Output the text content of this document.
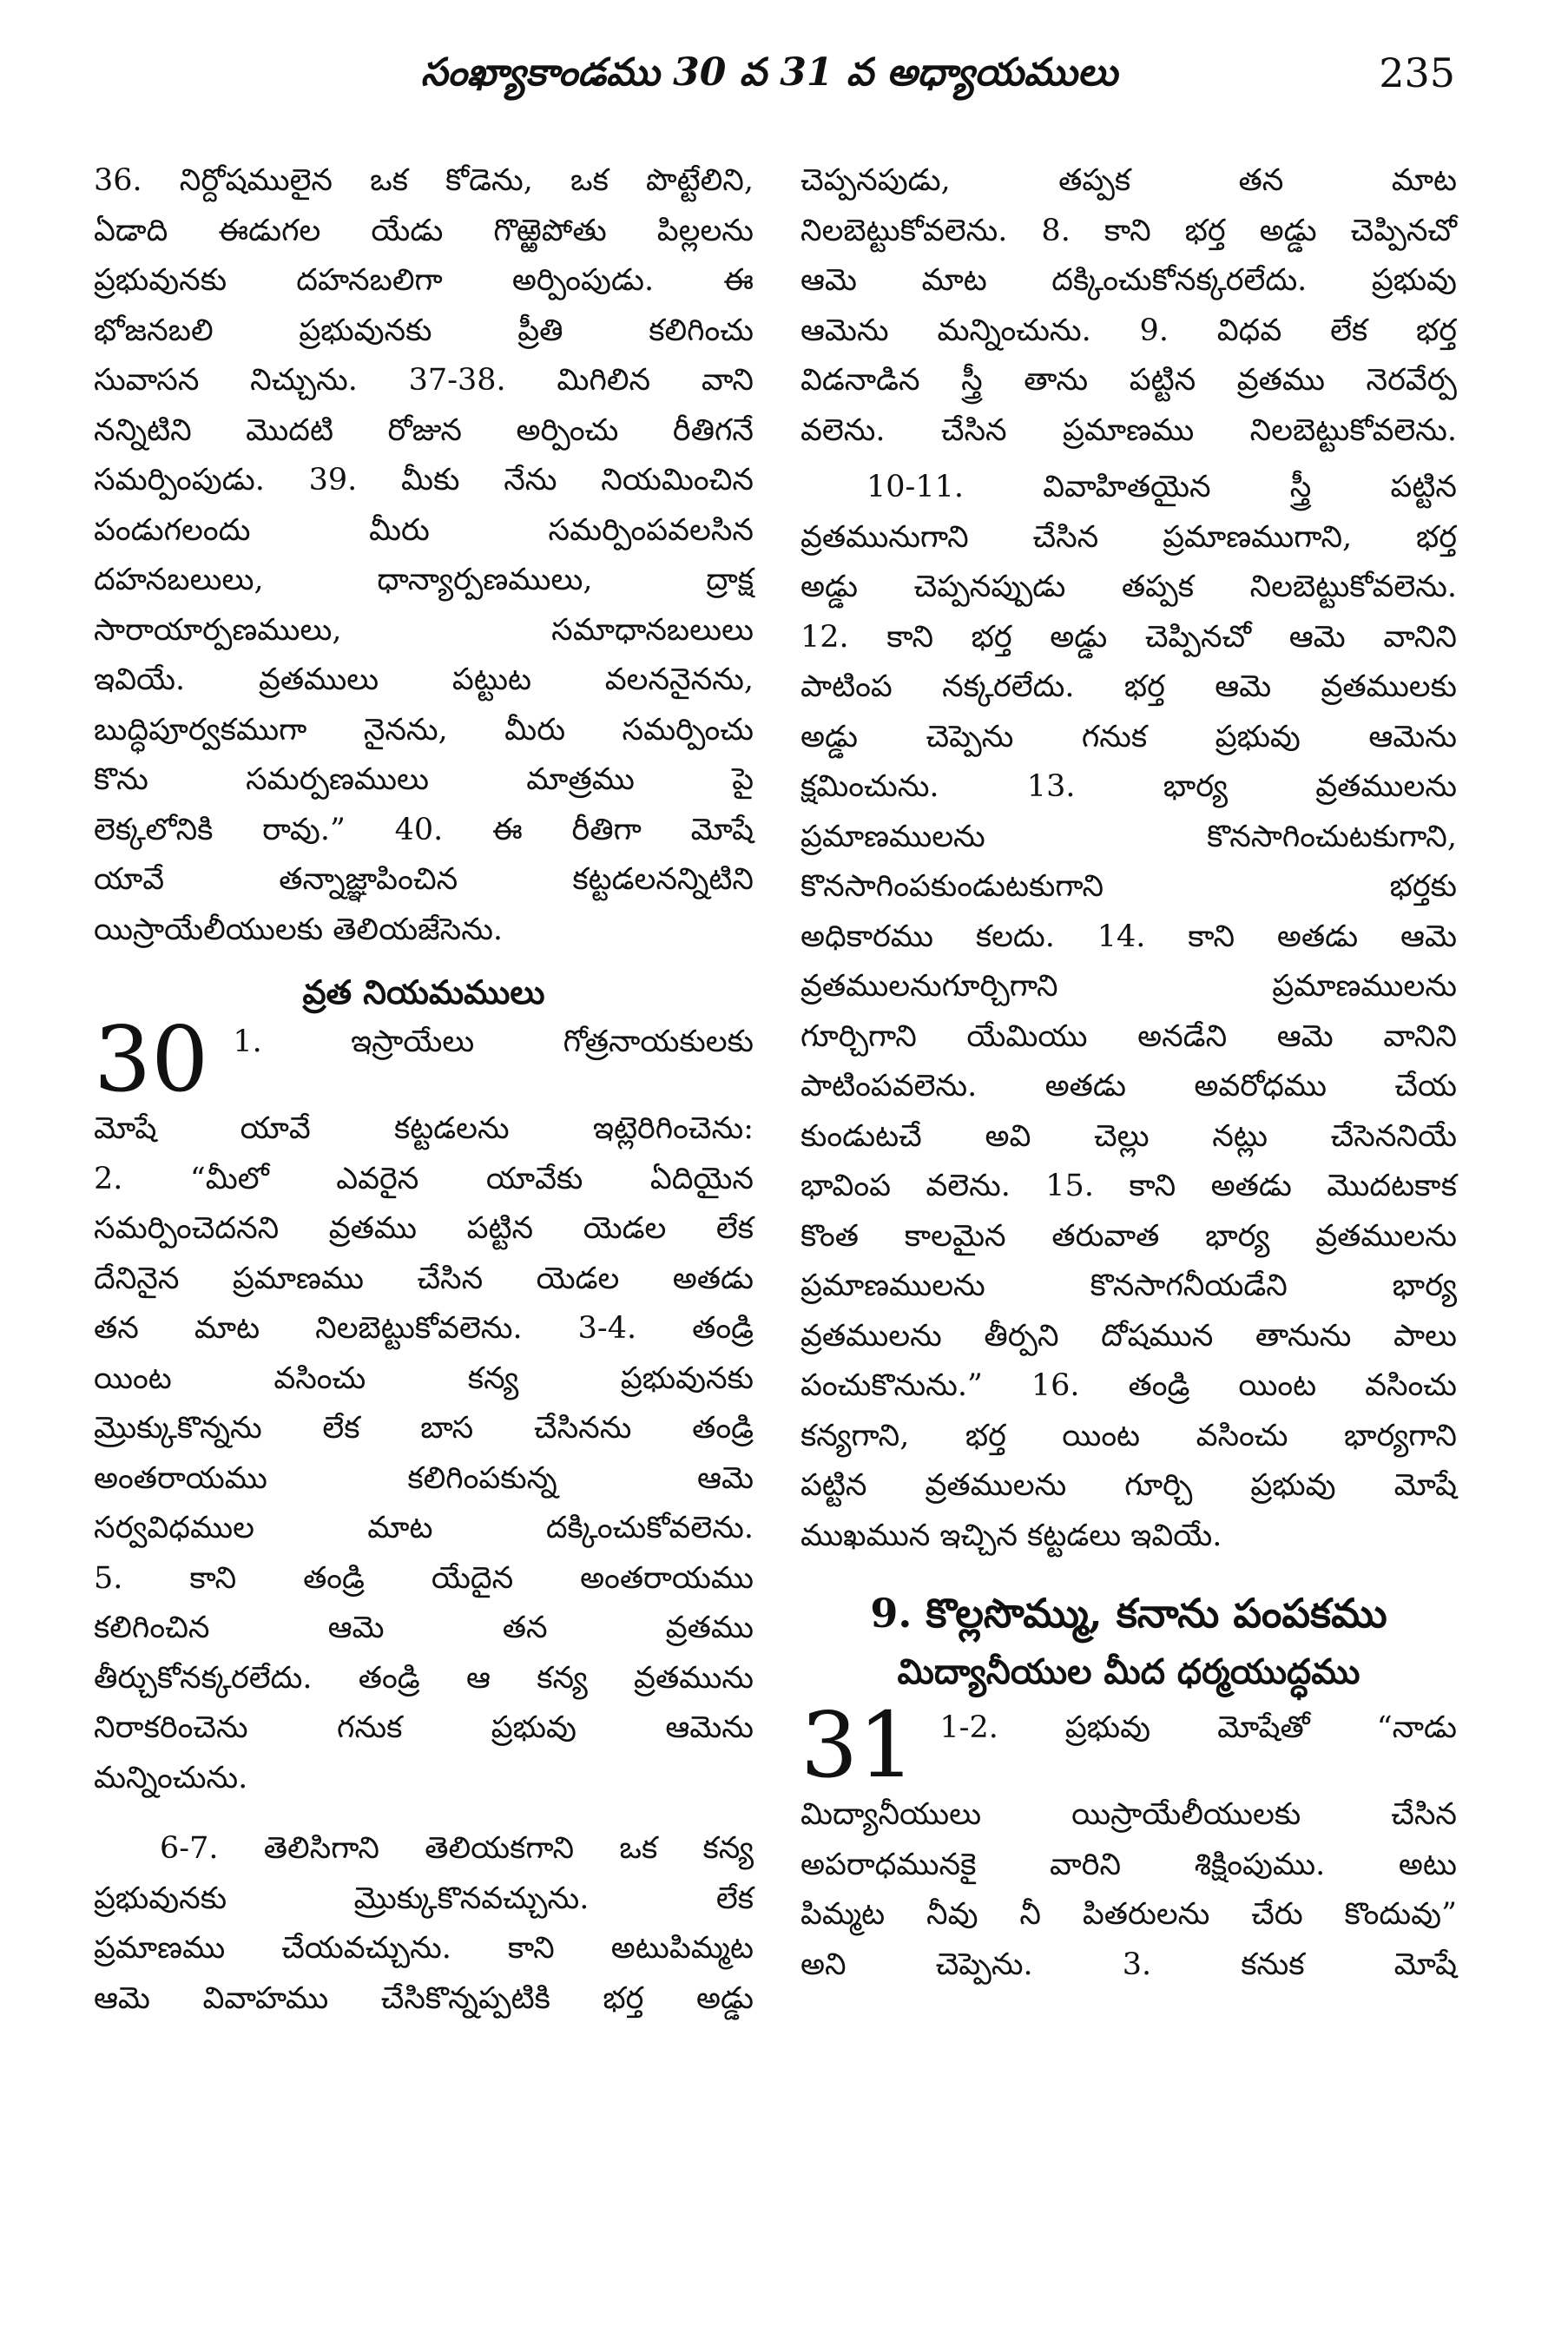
సంఖ్యాకాండము 30 వ 31 వ అధ్యాయములు	235

36. నిర్దోషములైన ఒక కోడెను, ఒక పొట్టేలిని,

ఏడాది ఈడుగల యేడు గొఱ్ఱెపోతు పిల్లలను

ప్రభువునకు దహనబలిగా అర్పింపుడు. ఈ

భోజనబలి ప్రభువునకు ప్రీతి కలిగించు

సువాసన నిచ్చును. 37-38. మిగిలిన వాని

నన్నిటిని మొదటి రోజున అర్పించు రీతిగనే

సమర్పింపుడు. 39. మీకు నేను నియమించిన

పండుగలందు మీరు సమర్పింపవలసిన

దహనబలులు, ధాన్యార్పణములు, ద్రాక్ష

సారాయార్పణములు, సమాధానబలులు

ఇవియే. వ్రతములు పట్టుట వలననైనను,

బుద్ధిపూర్వకముగా నైనను, మీరు సమర్పించు

కొను సమర్పణములు మాత్రము పై

లెక్కలోనికి రావు.” 40. ఈ రీతిగా మోషే

యావే తన్నాజ్ఞాపించిన కట్టడలనన్నిటిని

యిస్రాయేలీయులకు తెలియజేసెను.

వ్రత నియమములు
30 1. ఇస్రాయేలు గోత్రనాయకులకు

మోషే యావే కట్టడలను ఇట్లెరిగించెను:

2. “మీలో ఎవరైన యావేకు ఏదియైన

సమర్పించెదనని వ్రతము పట్టిన యెడల లేక

దేనినైన ప్రమాణము చేసిన యెడల అతడు

తన మాట నిలబెట్టుకోవలెను. 3-4. తండ్రి

యింట వసించు కన్య ప్రభువునకు

మ్రొక్కుకొన్నను లేక బాస చేసినను తండ్రి

అంతరాయము కలిగింపకున్న ఆమె

సర్వవిధముల మాట దక్కించుకోవలెను.

5. కాని తండ్రి యేదైన అంతరాయము

కలిగించిన ఆమె తన వ్రతము

తీర్చుకోనక్కరలేదు. తండ్రి ఆ కన్య వ్రతమును

నిరాకరించెను గనుక ప్రభువు ఆమెను

మన్నించును.

6-7. తెలిసిగాని తెలియకగాని ఒక కన్య

ప్రభువునకు మ్రొక్కుకొనవచ్చును. లేక

ప్రమాణము చేయవచ్చును. కాని అటుపిమ్మట

ఆమె వివాహము చేసికొన్నప్పటికి భర్త అడ్డు

చెప్పనపుడు, తప్పక తన మాట

నిలబెట్టుకోవలెను. 8. కాని భర్త అడ్డు చెప్పినచో

ఆమె మాట దక్కించుకోనక్కరలేదు. ప్రభువు

ఆమెను మన్నించును. 9. విధవ లేక భర్త

విడనాడిన స్త్రీ తాను పట్టిన వ్రతము నెరవేర్ప

వలెను. చేసిన ప్రమాణము నిలబెట్టుకోవలెను.

10-11. వివాహితయైన స్త్రీ పట్టిన

వ్రతమునుగాని చేసిన ప్రమాణముగాని, భర్త

అడ్డు చెప్పనప్పుడు తప్పక నిలబెట్టుకోవలెను.

12. కాని భర్త అడ్డు చెప్పినచో ఆమె వానిని

పాటింప నక్కరలేదు. భర్త ఆమె వ్రతములకు

అడ్డు చెప్పెను గనుక ప్రభువు ఆమెను

క్షమించును. 13. భార్య వ్రతములను

ప్రమాణములను కొనసాగించుటకుగాని,

కొనసాగింపకుండుటకుగాని భర్తకు

అధికారము కలదు. 14. కాని అతడు ఆమె

వ్రతములనుగూర్చిగాని ప్రమాణములను

గూర్చిగాని యేమియు అనడేని ఆమె వానిని

పాటింపవలెను. అతడు అవరోధము చేయ

కుండుటచే అవి చెల్లు నట్లు చేసెననియే

భావింప వలెను. 15. కాని అతడు మొదటకాక

కొంత కాలమైన తరువాత భార్య వ్రతములను

ప్రమాణములను కొనసాగనీయడేని భార్య

వ్రతములను తీర్పని దోషమున తానును పాలు

పంచుకొనును.” 16. తండ్రి యింట వసించు

కన్యగాని, భర్త యింట వసించు భార్యగాని

పట్టిన వ్రతములను గూర్చి ప్రభువు మోషే

ముఖమున ఇచ్చిన కట్టడలు ఇవియే.

9. కొల్లసొమ్ము, కనాను పంపకము
మిద్యానీయుల మీద ధర్మయుద్ధము
31 1-2. ప్రభువు మోషేతో “నాడు

మిద్యానీయులు యిస్రాయేలీయులకు చేసిన

అపరాధమునకై వారిని శిక్షింపుము. అటు

పిమ్మట నీవు నీ పితరులను చేరు కొందువు”

అని చెప్పెను. 3. కనుక మోషే
